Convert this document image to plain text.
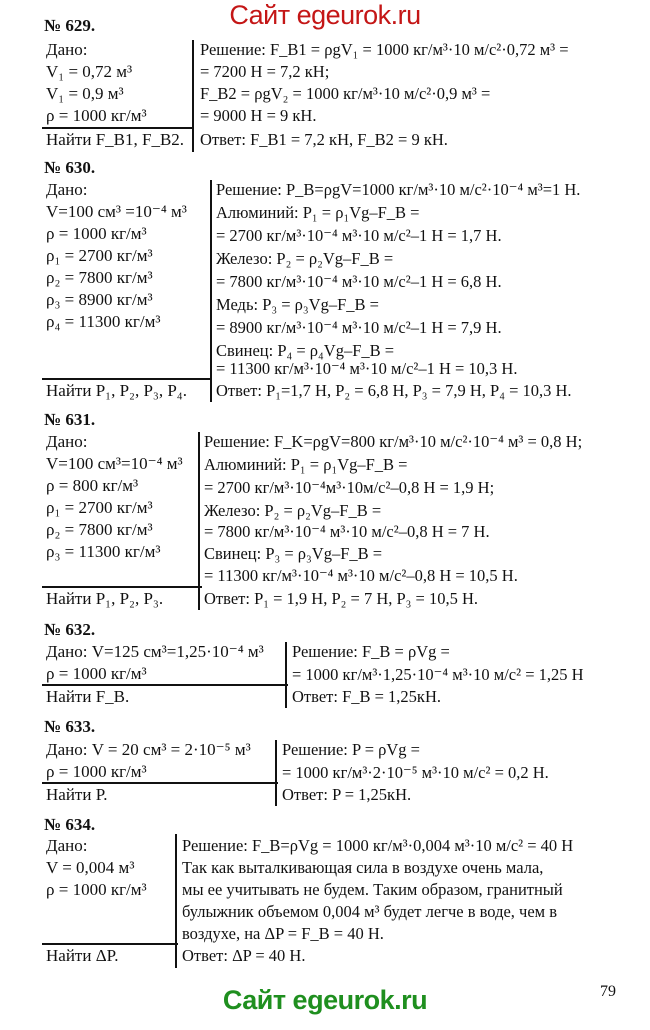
Сайт egeurok.ru
№ 629.
Дано:
V₁ = 0,72 м³
V₁ = 0,9 м³
ρ = 1000 кг/м³
Найти F_B1, F_B2.
Решение: F_B1 = ρgV₁ = 1000 кг/м³·10 м/с²·0,72 м³ =
= 7200 Н = 7,2 кН;
F_B2 = ρgV₂ = 1000 кг/м³·10 м/с²·0,9 м³ =
= 9000 Н = 9 кН.
Ответ: F_B1 = 7,2 кН, F_B2 = 9 кН.
№ 630.
Дано:
V=100 см³ =10⁻⁴ м³
ρ = 1000 кг/м³
ρ₁ = 2700 кг/м³
ρ₂ = 7800 кг/м³
ρ₃ = 8900 кг/м³
ρ₄ = 11300 кг/м³
Найти P₁, P₂, P₃, P₄.
Решение: P_B=ρgV=1000 кг/м³·10 м/с²·10⁻⁴ м³=1 Н.
Алюминий: P₁ = ρ₁Vg–F_B =
= 2700 кг/м³·10⁻⁴ м³·10 м/с²–1 Н = 1,7 Н.
Железо: P₂ = ρ₂Vg–F_B =
= 7800 кг/м³·10⁻⁴ м³·10 м/с²–1 Н = 6,8 Н.
Медь: P₃ = ρ₃Vg–F_B =
= 8900 кг/м³·10⁻⁴ м³·10 м/с²–1 Н = 7,9 Н.
Свинец: P₄ = ρ₄Vg–F_B =
= 11300 кг/м³·10⁻⁴ м³·10 м/с²–1 Н = 10,3 Н.
Ответ: P₁=1,7 Н, P₂ = 6,8 Н, P₃ = 7,9 Н, P₄ = 10,3 Н.
№ 631.
Дано:
V=100 см³=10⁻⁴ м³
ρ = 800 кг/м³
ρ₁ = 2700 кг/м³
ρ₂ = 7800 кг/м³
ρ₃ = 11300 кг/м³
Найти P₁, P₂, P₃.
Решение: F_K=ρgV=800 кг/м³·10 м/с²·10⁻⁴ м³ = 0,8 Н;
Алюминий: P₁ = ρ₁Vg–F_B =
= 2700 кг/м³·10⁻⁴м³·10м/с²–0,8 Н = 1,9 Н;
Железо: P₂ = ρ₂Vg–F_B =
= 7800 кг/м³·10⁻⁴ м³·10 м/с²–0,8 Н = 7 Н.
Свинец: P₃ = ρ₃Vg–F_B =
= 11300 кг/м³·10⁻⁴ м³·10 м/с²–0,8 Н = 10,5 Н.
Ответ: P₁ = 1,9 Н, P₂ = 7 Н, P₃ = 10,5 Н.
№ 632.
Дано: V=125 см³=1,25·10⁻⁴ м³
ρ = 1000 кг/м³
Найти F_B.
Решение: F_B = ρVg =
= 1000 кг/м³·1,25·10⁻⁴ м³·10 м/с² = 1,25 Н
Ответ: F_B = 1,25кН.
№ 633.
Дано: V = 20 см³ = 2·10⁻⁵ м³
ρ = 1000 кг/м³
Найти P.
Решение: P = ρVg =
= 1000 кг/м³·2·10⁻⁵ м³·10 м/с² = 0,2 Н.
Ответ: P = 1,25кН.
№ 634.
Дано:
V = 0,004 м³
ρ = 1000 кг/м³
Найти ΔP.
Решение: F_B=ρVg = 1000 кг/м³·0,004 м³·10 м/с² = 40 Н
Так как выталкивающая сила в воздухе очень мала,
мы ее учитывать не будем. Таким образом, гранитный
булыжник объемом 0,004 м³ будет легче в воде, чем в
воздухе, на ΔP = F_B = 40 Н.
Ответ: ΔP = 40 Н.
79
Сайт egeurok.ru
